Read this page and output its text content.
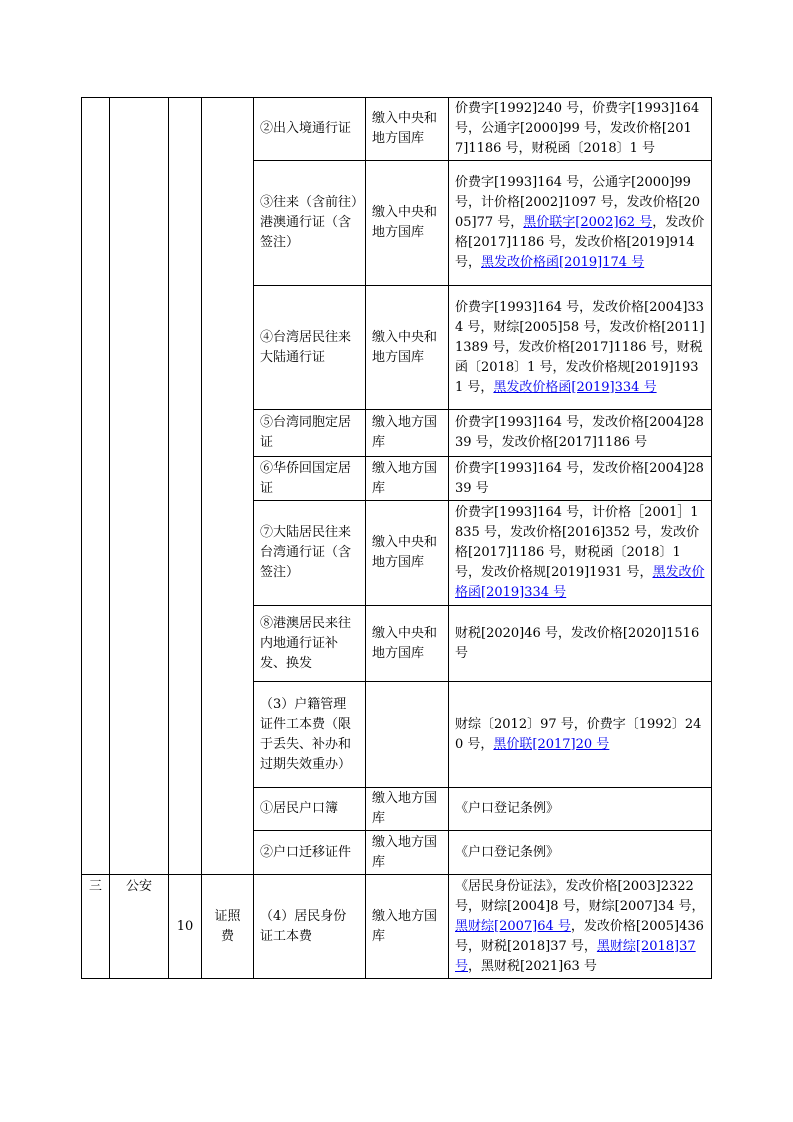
				②出入境通行证	缴入中央和地方国库	价费字[1992]240 号，价费字[1993]164 号，公通字[2000]99 号，发改价格[2017]1186 号，财税函〔2018〕1 号
				③往来（含前往）港澳通行证（含签注）	缴入中央和地方国库	价费字[1993]164 号，公通字[2000]99 号，计价格[2002]1097 号，发改价格[2005]77 号，黑价联字[2002]62 号，发改价格[2017]1186 号，发改价格[2019]914 号，黑发改价格函[2019]174 号
				④台湾居民往来大陆通行证	缴入中央和地方国库	价费字[1993]164 号，发改价格[2004]334 号，财综[2005]58 号，发改价格[2011]1389 号，发改价格[2017]1186 号，财税函〔2018〕1 号，发改价格规[2019]1931 号，黑发改价格函[2019]334 号
				⑤台湾同胞定居证	缴入地方国库	价费字[1993]164 号，发改价格[2004]2839 号，发改价格[2017]1186 号
				⑥华侨回国定居证	缴入地方国库	价费字[1993]164 号，发改价格[2004]2839 号
				⑦大陆居民往来台湾通行证（含签注）	缴入中央和地方国库	价费字[1993]164 号，计价格［2001］1835 号，发改价格[2016]352 号，发改价格[2017]1186 号，财税函〔2018〕1 号，发改价格规[2019]1931 号，黑发改价格函[2019]334 号
				⑧港澳居民来往内地通行证补发、换发	缴入中央和地方国库	财税[2020]46 号，发改价格[2020]1516 号
				（3）户籍管理证件工本费（限于丢失、补办和过期失效重办）		财综〔2012〕97 号，价费字〔1992〕240 号，黑价联[2017]20 号
				①居民户口簿	缴入地方国库	《户口登记条例》
				②户口迁移证件	缴入地方国库	《户口登记条例》
三	公安	10	证照费	（4）居民身份证工本费	缴入地方国库	《居民身份证法》，发改价格[2003]2322 号，财综[2004]8 号，财综[2007]34 号，黑财综[2007]64 号，发改价格[2005]436 号，财税[2018]37 号，黑财综[2018]37 号，黑财税[2021]63 号
